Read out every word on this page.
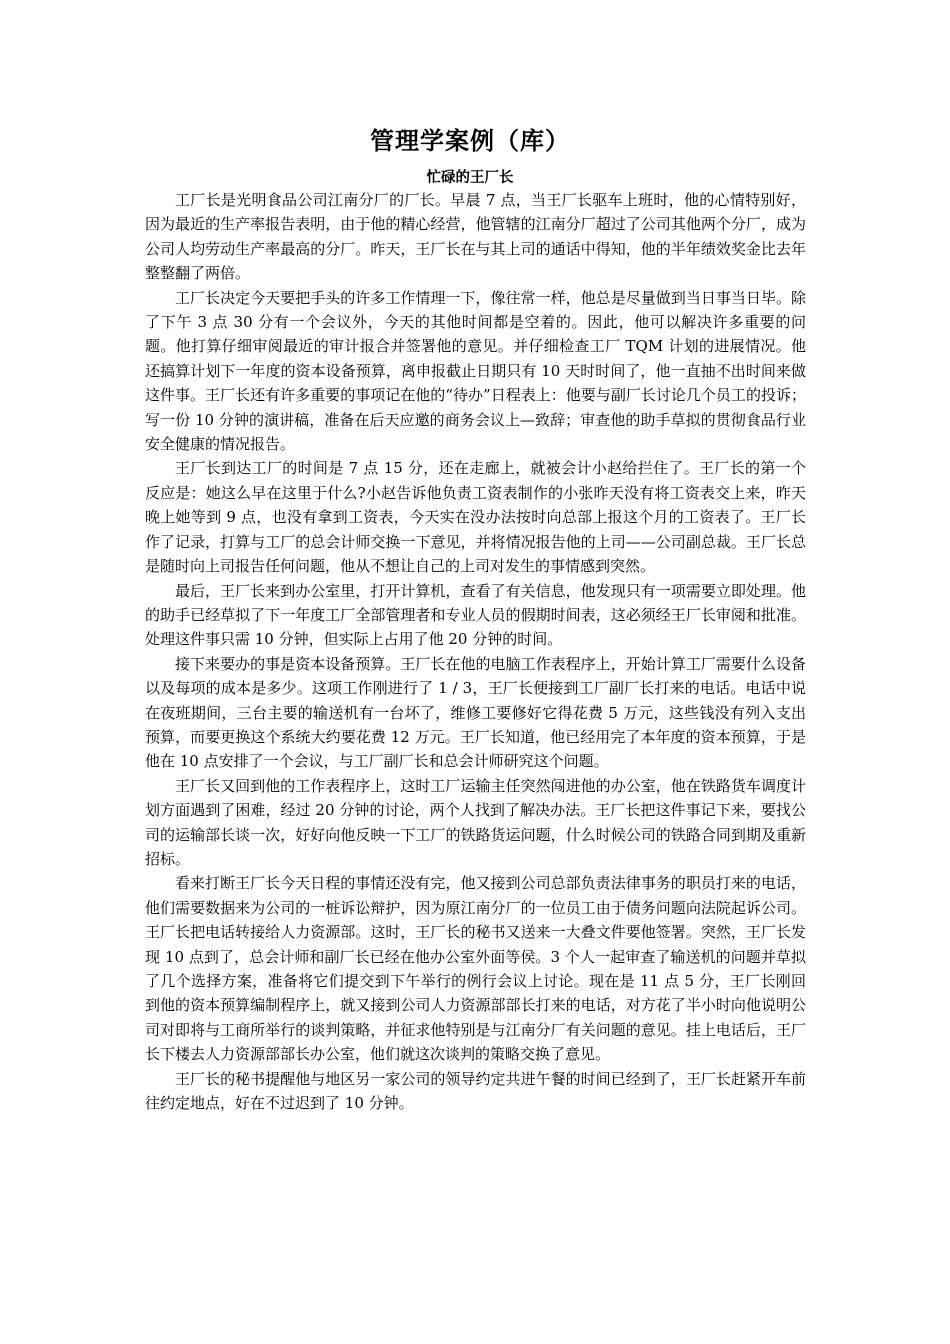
管理学案例（库）
忙碌的王厂长

工厂长是光明食品公司江南分厂的厂长。早晨 7 点，当王厂长驱车上班时，他的心情特别好，因为最近的生产率报告表明，由于他的精心经营，他管辖的江南分厂超过了公司其他两个分厂，成为公司人均劳动生产率最高的分厂。昨天，王厂长在与其上司的通话中得知，他的半年绩效奖金比去年整整翻了两倍。

工厂长决定今天要把手头的许多工作情理一下，像往常一样，他总是尽量做到当日事当日毕。除了下午 3 点 30 分有一个会议外，今天的其他时间都是空着的。因此，他可以解决许多重要的问题。他打算仔细审阅最近的审计报合并签署他的意见。并仔细检查工厂 TQM 计划的进展情况。他还搞算计划下一年度的资本设备预算，离申报截止日期只有 10 天时时间了，他一直抽不出时间来做这件事。王厂长还有许多重要的事项记在他的“待办”日程表上：他要与副厂长讨论几个员工的投诉；写一份 10 分钟的演讲稿，准备在后天应邀的商务会议上—致辞；审查他的助手草拟的贯彻食品行业安全健康的情况报告。

王厂长到达工厂的时间是 7 点 15 分，还在走廊上，就被会计小赵给拦住了。王厂长的第一个反应是：她这么早在这里于什么?小赵告诉他负责工资表制作的小张昨天没有将工资表交上来，昨天晚上她等到 9 点，也没有拿到工资表，今天实在没办法按时向总部上报这个月的工资表了。王厂长作了记录，打算与工厂的总会计师交换一下意见，并将情况报告他的上司——公司副总裁。王厂长总是随时向上司报告任何问题，他从不想让自己的上司对发生的事情感到突然。

最后，王厂长来到办公室里，打开计算机，查看了有关信息，他发现只有一项需要立即处理。他的助手已经草拟了下一年度工厂全部管理者和专业人员的假期时间表，这必须经王厂长审阅和批准。处理这件事只需 10 分钟，但实际上占用了他 20 分钟的时间。

接下来要办的事是资本设备预算。王厂长在他的电脑工作表程序上，开始计算工厂需要什么设备以及每项的成本是多少。这项工作刚进行了 1 / 3，王厂长便接到工厂副厂长打来的电话。电话中说在夜班期间，三台主要的输送机有一台坏了，维修工要修好它得花费 5 万元，这些钱没有列入支出预算，而要更换这个系统大约要花费 12 万元。王厂长知道，他已经用完了本年度的资本预算，于是他在 10 点安排了一个会议，与工厂副厂长和总会计师研究这个问题。

王厂长又回到他的工作表程序上，这时工厂运输主任突然闯进他的办公室，他在铁路货车调度计划方面遇到了困难，经过 20 分钟的讨论，两个人找到了解决办法。王厂长把这件事记下来，要找公司的运输部长谈一次，好好向他反映一下工厂的铁路货运问题，什么时候公司的铁路合同到期及重新招标。

看来打断王厂长今天日程的事情还没有完，他又接到公司总部负责法律事务的职员打来的电话，他们需要数据来为公司的一桩诉讼辩护，因为原江南分厂的一位员工由于债务问题向法院起诉公司。王厂长把电话转接给人力资源部。这时，王厂长的秘书又送来一大叠文件要他签署。突然，王厂长发现 10 点到了，总会计师和副厂长已经在他办公室外面等侯。3 个人一起审查了输送机的问题并草拟了几个选择方案，准备将它们提交到下午举行的例行会议上讨论。现在是 11 点 5 分，王厂长刚回到他的资本预算编制程序上，就又接到公司人力资源部部长打来的电话，对方花了半小时向他说明公司对即将与工商所举行的谈判策略，并征求他特别是与江南分厂有关问题的意见。挂上电话后，王厂长下楼去人力资源部部长办公室，他们就这次谈判的策略交换了意见。

王厂长的秘书提醒他与地区另一家公司的领导约定共进午餐的时间已经到了，王厂长赶紧开车前往约定地点，好在不过迟到了 10 分钟。
